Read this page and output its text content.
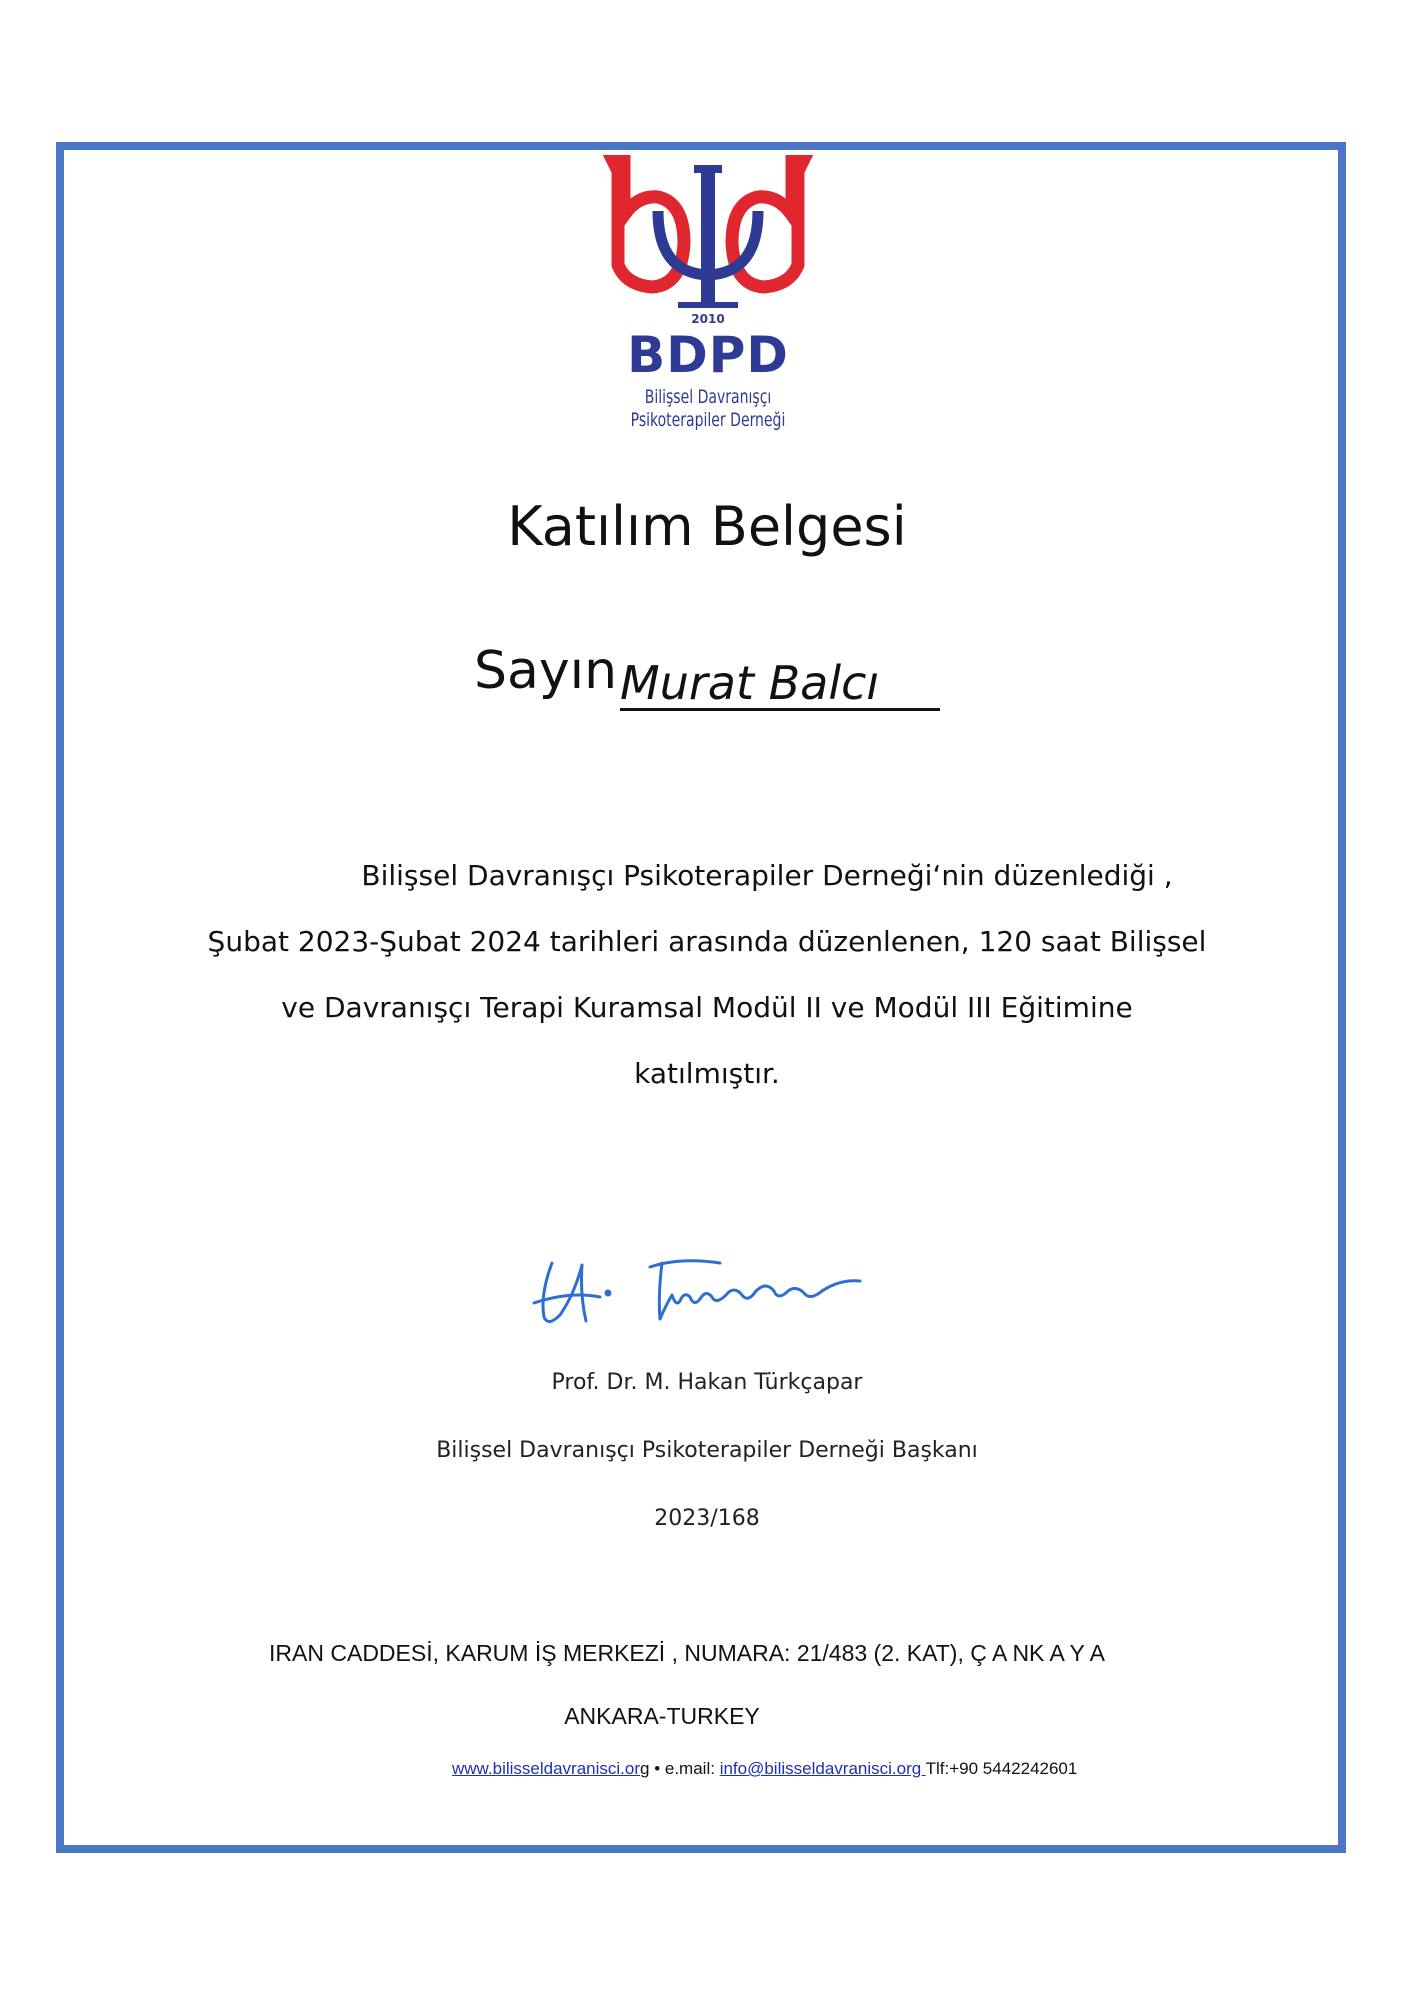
2010
BDPD
Bilişsel Davranışçı
Psikoterapiler Derneği
Katılım Belgesi
Sayın Murat Balcı
Bilişsel Davranışçı Psikoterapiler Derneği‘nin düzenlediği ,
Şubat 2023-Şubat 2024 tarihleri arasında düzenlenen, 120 saat Bilişsel
ve Davranışçı Terapi Kuramsal Modül II ve Modül III Eğitimine
katılmıştır.
Prof. Dr. M. Hakan Türkçapar
Bilişsel Davranışçı Psikoterapiler Derneği Başkanı
2023/168
IRAN CADDESİ, KARUM İŞ MERKEZİ , NUMARA: 21/483 (2. KAT), Ç A NK A Y A
ANKARA-TURKEY
www.bilisseldavranisci.org • e.mail: info@bilisseldavranisci.org Tlf:+90 5442242601
